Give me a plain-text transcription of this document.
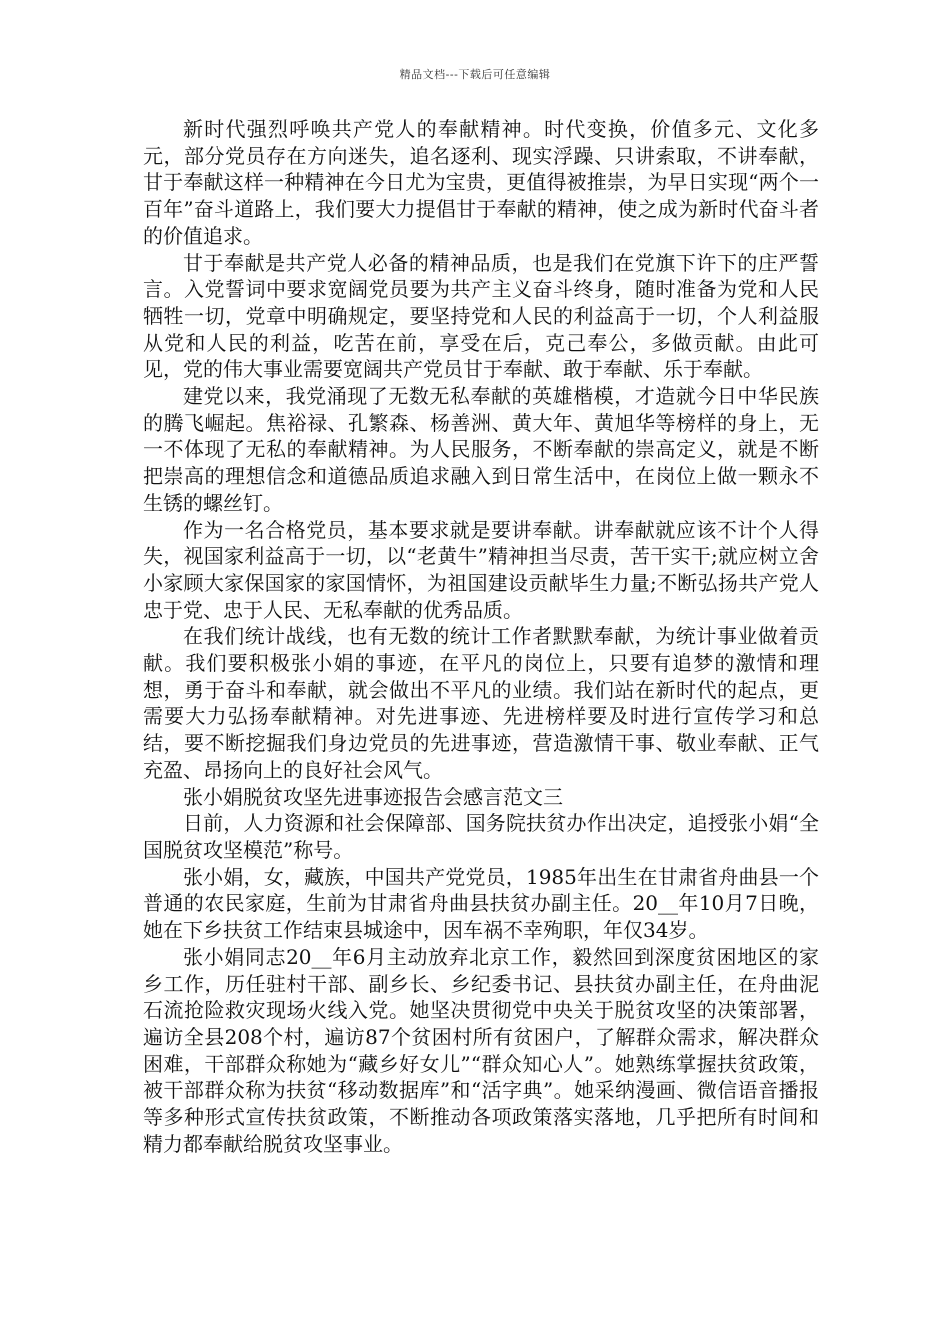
精品文档---下载后可任意编辑

新时代强烈呼唤共产党人的奉献精神。时代变换，价值多元、文化多元，部分党员存在方向迷失，追名逐利、现实浮躁、只讲索取，不讲奉献，甘于奉献这样一种精神在今日尤为宝贵，更值得被推崇，为早日实现“两个一百年”奋斗道路上，我们要大力提倡甘于奉献的精神，使之成为新时代奋斗者的价值追求。

甘于奉献是共产党人必备的精神品质，也是我们在党旗下许下的庄严誓言。入党誓词中要求宽阔党员要为共产主义奋斗终身，随时准备为党和人民牺牲一切，党章中明确规定，要坚持党和人民的利益高于一切，个人利益服从党和人民的利益，吃苦在前，享受在后，克己奉公，多做贡献。由此可见，党的伟大事业需要宽阔共产党员甘于奉献、敢于奉献、乐于奉献。

建党以来，我党涌现了无数无私奉献的英雄楷模，才造就今日中华民族的腾飞崛起。焦裕禄、孔繁森、杨善洲、黄大年、黄旭华等榜样的身上，无一不体现了无私的奉献精神。为人民服务，不断奉献的崇高定义，就是不断把崇高的理想信念和道德品质追求融入到日常生活中，在岗位上做一颗永不生锈的螺丝钉。

作为一名合格党员，基本要求就是要讲奉献。讲奉献就应该不计个人得失，视国家利益高于一切，以“老黄牛”精神担当尽责，苦干实干;就应树立舍小家顾大家保国家的家国情怀，为祖国建设贡献毕生力量;不断弘扬共产党人忠于党、忠于人民、无私奉献的优秀品质。

在我们统计战线，也有无数的统计工作者默默奉献，为统计事业做着贡献。我们要积极张小娟的事迹，在平凡的岗位上，只要有追梦的激情和理想，勇于奋斗和奉献，就会做出不平凡的业绩。我们站在新时代的起点，更需要大力弘扬奉献精神。对先进事迹、先进榜样要及时进行宣传学习和总结，要不断挖掘我们身边党员的先进事迹，营造激情干事、敬业奉献、正气充盈、昂扬向上的良好社会风气。

张小娟脱贫攻坚先进事迹报告会感言范文三

日前，人力资源和社会保障部、国务院扶贫办作出决定，追授张小娟“全国脱贫攻坚模范”称号。

张小娟，女，藏族，中国共产党党员，1985年出生在甘肃省舟曲县一个普通的农民家庭，生前为甘肃省舟曲县扶贫办副主任。20__年10月7日晚，她在下乡扶贫工作结束县城途中，因车祸不幸殉职，年仅34岁。

张小娟同志20__年6月主动放弃北京工作，毅然回到深度贫困地区的家乡工作，历任驻村干部、副乡长、乡纪委书记、县扶贫办副主任，在舟曲泥石流抢险救灾现场火线入党。她坚决贯彻党中央关于脱贫攻坚的决策部署，遍访全县208个村，遍访87个贫困村所有贫困户，了解群众需求，解决群众困难，干部群众称她为“藏乡好女儿”“群众知心人”。她熟练掌握扶贫政策，被干部群众称为扶贫“移动数据库”和“活字典”。她采纳漫画、微信语音播报等多种形式宣传扶贫政策，不断推动各项政策落实落地，几乎把所有时间和精力都奉献给脱贫攻坚事业。
